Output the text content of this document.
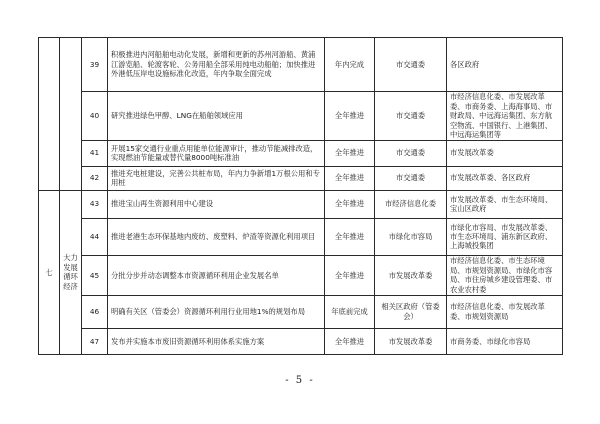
		39	积极推进内河船舶电动化发展，新增和更新的苏州河游船、黄浦江游览船、轮渡客轮、公务用船全部采用纯电动船舶；加快推进外港低压岸电设施标准化改造，年内争取全面完成	年内完成	市交通委	各区政府
		40	研究推进绿色甲醇、LNG在船舶领域应用	全年推进	市交通委	市经济信息化委、市发展改革委、市商务委、上海海事局、市财政局、中远海运集团、东方航空物流、中国银行、上港集团、中远海运集团等
		41	开展15家交通行业重点用能单位能源审计，推动节能减排改造，实现燃油节能量或替代量8000吨标准油	全年推进	市交通委	市发展改革委
		42	推进充电桩建设，完善公共桩布局，年内力争新增1万根公用和专用桩	全年推进	市交通委	市发展改革委、各区政府
七	大力发展循环经济	43	推进宝山再生资源利用中心建设	全年推进	市经济信息化委	市发展改革委、市生态环境局、宝山区政府
		44	推进老港生态环保基地内废纺、废塑料、炉渣等资源化利用项目	全年推进	市绿化市容局	市绿化市容局、市发展改革委、市生态环境局、浦东新区政府、上海城投集团
		45	分批分步并动态调整本市资源循环利用企业发展名单	全年推进	市发展改革委	市经济信息化委、市生态环境局、市规划资源局、市绿化市容局、市住房城乡建设管理委、市农业农村委
		46	明确有关区（管委会）资源循环利用行业用地1%的规划布局	年底前完成	相关区政府（管委会）	市经济信息化委、市发展改革委、市规划资源局
		47	发布并实施本市废旧资源循环利用体系实施方案	全年推进	市发展改革委	市商务委、市绿化市容局
- 5 -
